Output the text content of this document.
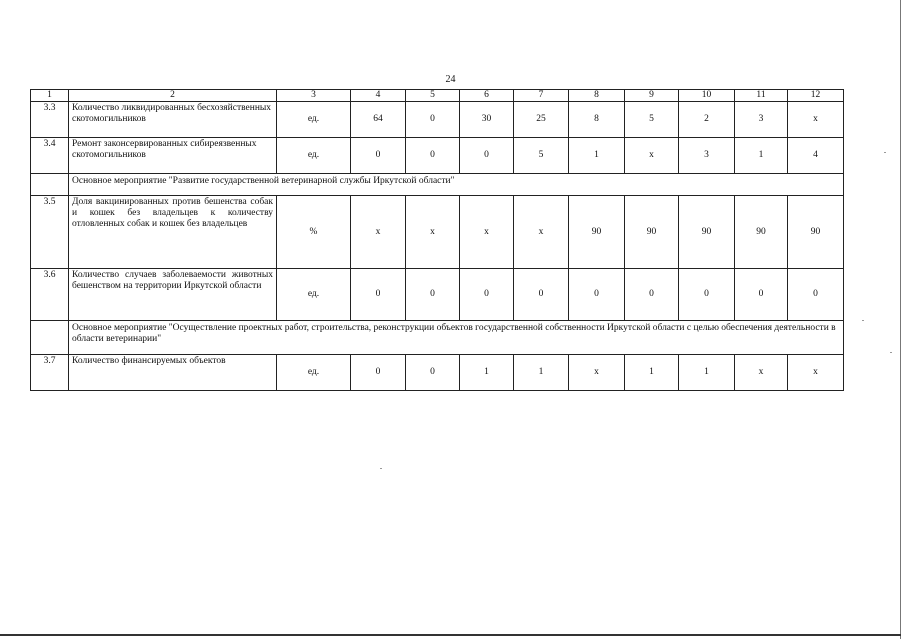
24
1	2	3	4	5	6	7	8	9	10	11	12
3.3	Количество ликвидированных бесхозяйственных скотомогильников	ед.	64	0	30	25	8	5	2	3	х
3.4	Ремонт законсервированных сибиреязвенных скотомогильников	ед.	0	0	0	5	1	х	3	1	4
	Основное мероприятие "Развитие государственной ветеринарной службы Иркутской области"										
3.5	Доля вакцинированных против бешенства собак и кошек без владельцев к количеству отловленных собак и кошек без владельцев	%	х	х	х	х	90	90	90	90	90
3.6	Количество случаев заболеваемости животных бешенством на территории Иркутской области	ед.	0	0	0	0	0	0	0	0	0
	Основное мероприятие "Осуществление проектных работ, строительства, реконструкции объектов государственной собственности Иркутской области с целью обеспечения деятельности в области ветеринарии"										
3.7	Количество финансируемых объектов	ед.	0	0	1	1	х	1	1	х	х
